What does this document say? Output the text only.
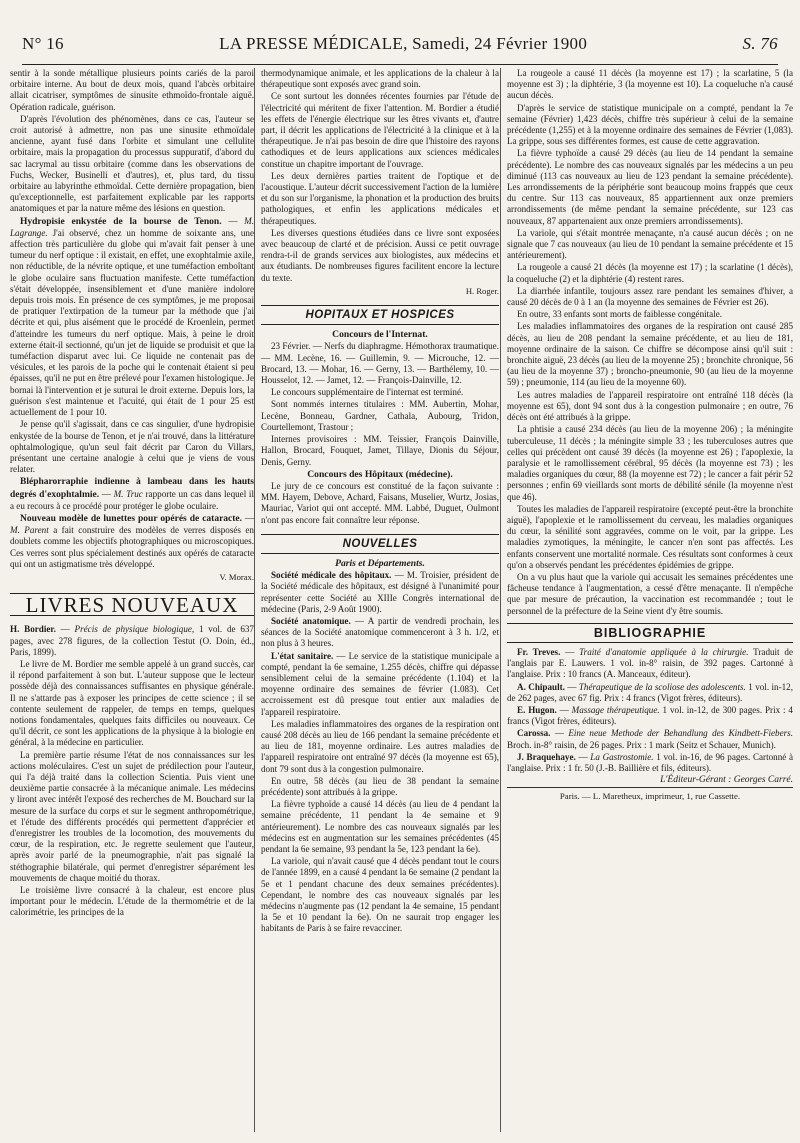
N° 16	LA PRESSE MÉDICALE, Samedi, 24 Février 1900	S. 76

sentir à la sonde métallique plusieurs points cariés de la paroi orbitaire interne. Au bout de deux mois, quand l'abcès orbitaire allait cicatriser, symptômes de sinusite ethmoïdo-frontale aiguë. Opération radicale, guérison.

D'après l'évolution des phénomènes, dans ce cas, l'auteur se croit autorisé à admettre, non pas une sinusite ethmoïdale ancienne, ayant fusé dans l'orbite et simulant une cellulite orbitaire, mais la propagation du processus suppuratif, d'abord du sac lacrymal au tissu orbitaire (comme dans les observations de Fuchs, Wecker, Businelli et d'autres), et, plus tard, du tissu orbitaire au labyrinthe ethmoïdal. Cette dernière propagation, bien qu'exceptionnelle, est parfaitement explicable par les rapports anatomiques et par la nature même des lésions en question.

Hydropisie enkystée de la bourse de Tenon. — M. Lagrange. J'ai observé, chez un homme de soixante ans, une affection très particulière du globe qui m'avait fait penser à une tumeur du nerf optique : il existait, en effet, une exophtalmie axile, non réductible, de la névrite optique, et une tuméfaction emboîtant le globe oculaire sans fluctuation manifeste. Cette tuméfaction s'était développée, insensiblement et d'une manière indolore depuis trois mois. En présence de ces symptômes, je me proposai de pratiquer l'extirpation de la tumeur par la méthode que j'ai décrite et qui, plus aisément que le procédé de Kroenlein, permet d'atteindre les tumeurs du nerf optique. Mais, à peine le droit externe était-il sectionné, qu'un jet de liquide se produisit et que la tuméfaction disparut avec lui. Ce liquide ne contenait pas de vésicules, et les parois de la poche qui le contenait étaient si peu épaisses, qu'il ne put en être prélevé pour l'examen histologique. Je bornai là l'intervention et je suturai le droit externe. Depuis lors, la guérison s'est maintenue et l'acuité, qui était de 1 pour 25 est actuellement de 1 pour 10.

Je pense qu'il s'agissait, dans ce cas singulier, d'une hydropisie enkystée de la bourse de Tenon, et je n'ai trouvé, dans la littérature ophtalmologique, qu'un seul fait décrit par Caron du Villars, présentant une certaine analogie à celui que je viens de vous relater.

Blépharorraphie indienne à lambeau dans les hauts degrés d'exophtalmie. — M. Truc rapporte un cas dans lequel il a eu recours à ce procédé pour protéger le globe oculaire.

Nouveau modèle de lunettes pour opérés de cataracte. — M. Parent a fait construire des modèles de verres disposés en doublets comme les objectifs photographiques ou microscopiques. Ces verres sont plus spécialement destinés aux opérés de cataracte qui ont un astigmatisme très développé.

V. Morax.

LIVRES NOUVEAUX

H. Bordier. — Précis de physique biologique, 1 vol. de 637 pages, avec 278 figures, de la collection Testut (O. Doin, éd., Paris, 1899).

Le livre de M. Bordier me semble appelé à un grand succès, car il répond parfaitement à son but. L'auteur suppose que le lecteur possède déjà des connaissances suffisantes en physique générale. Il ne s'attarde pas à exposer les principes de cette science ; il se contente seulement de rappeler, de temps en temps, quelques notions fondamentales, quelques faits difficiles ou nouveaux. Ce qu'il décrit, ce sont les applications de la physique à la biologie en général, à la médecine en particulier.

La première partie résume l'état de nos connaissances sur les actions moléculaires. C'est un sujet de prédilection pour l'auteur, qui l'a déjà traité dans la collection Scientia. Puis vient une deuxième partie consacrée à la mécanique animale. Les médecins y liront avec intérêt l'exposé des recherches de M. Bouchard sur la mesure de la surface du corps et sur le segment anthropométrique, et l'étude des différents procédés qui permettent d'apprécier et d'enregistrer les troubles de la locomotion, des mouvements du cœur, de la respiration, etc. Je regrette seulement que l'auteur, après avoir parlé de la pneumographie, n'ait pas signalé la stéthographie bilatérale, qui permet d'enregistrer séparément les mouvements de chaque moitié du thorax.

Le troisième livre consacré à la chaleur, est encore plus important pour le médecin. L'étude de la thermométrie et de la calorimétrie, les principes de la

thermodynamique animale, et les applications de la chaleur à la thérapeutique sont exposés avec grand soin.

Ce sont surtout les données récentes fournies par l'étude de l'électricité qui méritent de fixer l'attention. M. Bordier a étudié les effets de l'énergie électrique sur les êtres vivants et, d'autre part, il décrit les applications de l'électricité à la clinique et à la thérapeutique. Je n'ai pas besoin de dire que l'histoire des rayons cathodiques et de leurs applications aux sciences médicales constitue un chapitre important de l'ouvrage.

Les deux dernières parties traitent de l'optique et de l'acoustique. L'auteur décrit successivement l'action de la lumière et du son sur l'organisme, la phonation et la production des bruits pathologiques, et enfin les applications médicales et thérapeutiques.

Les diverses questions étudiées dans ce livre sont exposées avec beaucoup de clarté et de précision. Aussi ce petit ouvrage rendra-t-il de grands services aux biologistes, aux médecins et aux étudiants. De nombreuses figures facilitent encore la lecture du texte.

H. Roger.

HOPITAUX ET HOSPICES

Concours de l'Internat.

23 Février. — Nerfs du diaphragme. Hémothorax traumatique. — MM. Lecène, 16. — Guillemin, 9. — Microuche, 12. — Brocard, 13. — Mohar, 16. — Gerny, 13. — Barthélemy, 10. — Housselot, 12. — Jamet, 12. — François-Dainville, 12.

Le concours supplémentaire de l'internat est terminé.

Sont nommés internes titulaires : MM. Aubertin, Mohar, Lecène, Bonneau, Gardner, Cathala, Aubourg, Tridon, Courtellemont, Trastour ;

Internes provisoires : MM. Teissier, François Dainville, Hallon, Brocard, Fouquet, Jamet, Tillaye, Dionis du Séjour, Denis, Gerny.

Concours des Hôpitaux (médecine).

Le jury de ce concours est constitué de la façon suivante : MM. Hayem, Debove, Achard, Faisans, Muselier, Wurtz, Josias, Mauriac, Variot qui ont accepté. MM. Labbé, Duguet, Oulmont n'ont pas encore fait connaître leur réponse.

NOUVELLES

Paris et Départements.

Société médicale des hôpitaux. — M. Troisier, président de la Société médicale des hôpitaux, est désigné à l'unanimité pour représenter cette Société au XIIIe Congrès international de médecine (Paris, 2-9 Août 1900).

Société anatomique. — A partir de vendredi prochain, les séances de la Société anatomique commenceront à 3 h. 1/2, et non plus à 3 heures.

L'état sanitaire. — Le service de la statistique municipale a compté, pendant la 6e semaine, 1.255 décès, chiffre qui dépasse sensiblement celui de la semaine précédente (1.104) et la moyenne ordinaire des semaines de février (1.083). Cet accroissement est dû presque tout entier aux maladies de l'appareil respiratoire.

Les maladies inflammatoires des organes de la respiration ont causé 208 décès au lieu de 166 pendant la semaine précédente et au lieu de 181, moyenne ordinaire. Les autres maladies de l'appareil respiratoire ont entraîné 97 décès (la moyenne est 65), dont 79 sont dus à la congestion pulmonaire.

En outre, 58 décès (au lieu de 38 pendant la semaine précédente) sont attribués à la grippe.

La fièvre typhoïde a causé 14 décès (au lieu de 4 pendant la semaine précédente, 11 pendant la 4e semaine et 9 antérieurement). Le nombre des cas nouveaux signalés par les médecins est en augmentation sur les semaines précédentes (45 pendant la 6e semaine, 93 pendant la 5e, 123 pendant la 6e).

La variole, qui n'avait causé que 4 décès pendant tout le cours de l'année 1899, en a causé 4 pendant la 6e semaine (2 pendant la 5e et 1 pendant chacune des deux semaines précédentes). Cependant, le nombre des cas nouveaux signalés par les médecins n'augmente pas (12 pendant la 4e semaine, 15 pendant la 5e et 10 pendant la 6e). On ne saurait trop engager les habitants de Paris à se faire revacciner.

La rougeole a causé 11 décès (la moyenne est 17) ; la scarlatine, 5 (la moyenne est 3) ; la diphtérie, 3 (la moyenne est 10). La coqueluche n'a causé aucun décès.

D'après le service de statistique municipale on a compté, pendant la 7e semaine (Février) 1,423 décès, chiffre très supérieur à celui de la semaine précédente (1,255) et à la moyenne ordinaire des semaines de Février (1,083). La grippe, sous ses différentes formes, est cause de cette aggravation.

La fièvre typhoïde a causé 29 décès (au lieu de 14 pendant la semaine précédente). Le nombre des cas nouveaux signalés par les médecins a un peu diminué (113 cas nouveaux au lieu de 123 pendant la semaine précédente). Les arrondissements de la périphérie sont beaucoup moins frappés que ceux du centre. Sur 113 cas nouveaux, 85 appartiennent aux onze premiers arrondissements (de même pendant la semaine précédente, sur 123 cas nouveaux, 87 appartenaient aux onze premiers arrondissements).

La variole, qui s'était montrée menaçante, n'a causé aucun décès ; on ne signale que 7 cas nouveaux (au lieu de 10 pendant la semaine précédente et 15 antérieurement).

La rougeole a causé 21 décès (la moyenne est 17) ; la scarlatine (1 décès), la coqueluche (2) et la diphtérie (4) restent rares.

La diarrhée infantile, toujours assez rare pendant les semaines d'hiver, a causé 20 décès de 0 à 1 an (la moyenne des semaines de Février est 26).

En outre, 33 enfants sont morts de faiblesse congénitale.

Les maladies inflammatoires des organes de la respiration ont causé 285 décès, au lieu de 208 pendant la semaine précédente, et au lieu de 181, moyenne ordinaire de la saison. Ce chiffre se décompose ainsi qu'il suit : bronchite aiguë, 23 décès (au lieu de la moyenne 25) ; bronchite chronique, 56 (au lieu de la moyenne 37) ; broncho-pneumonie, 90 (au lieu de la moyenne 59) ; pneumonie, 114 (au lieu de la moyenne 60).

Les autres maladies de l'appareil respiratoire ont entraîné 118 décès (la moyenne est 65), dont 94 sont dus à la congestion pulmonaire ; en outre, 76 décès ont été attribués à la grippe.

La phtisie a causé 234 décès (au lieu de la moyenne 206) ; la méningite tuberculeuse, 11 décès ; la méningite simple 33 ; les tuberculoses autres que celles qui précèdent ont causé 39 décès (la moyenne est 26) ; l'apoplexie, la paralysie et le ramollissement cérébral, 95 décès (la moyenne est 73) ; les maladies organiques du cœur, 88 (la moyenne est 72) ; le cancer a fait périr 52 personnes ; enfin 69 vieillards sont morts de débilité sénile (la moyenne n'est que 46).

Toutes les maladies de l'appareil respiratoire (excepté peut-être la bronchite aiguë), l'apoplexie et le ramollissement du cerveau, les maladies organiques du cœur, la sénilité sont aggravées, comme on le voit, par la grippe. Les maladies zymotiques, la méningite, le cancer n'en sont pas affectés. Les enfants conservent une mortalité normale. Ces résultats sont conformes à ceux qu'on a observés pendant les précédentes épidémies de grippe.

On a vu plus haut que la variole qui accusait les semaines précédentes une fâcheuse tendance à l'augmentation, a cessé d'être menaçante. Il n'empêche que par mesure de précaution, la vaccination est recommandée ; tout le personnel de la préfecture de la Seine vient d'y être soumis.

BIBLIOGRAPHIE

Fr. Treves. — Traité d'anatomie appliquée à la chirurgie. Traduit de l'anglais par E. Lauwers. 1 vol. in-8° raisin, de 392 pages. Cartonné à l'anglaise. Prix : 10 francs (A. Manceaux, éditeur).

A. Chipault. — Thérapeutique de la scoliose des adolescents. 1 vol. in-12, de 262 pages, avec 67 fig. Prix : 4 francs (Vigot frères, éditeurs).

E. Hugon. — Massage thérapeutique. 1 vol. in-12, de 300 pages. Prix : 4 francs (Vigot frères, éditeurs).

Carossa. — Eine neue Methode der Behandlung des Kindbett-Fiebers. Broch. in-8° raisin, de 26 pages. Prix : 1 mark (Seitz et Schauer, Munich).

J. Braquehaye. — La Gastrostomie. 1 vol. in-16, de 96 pages. Cartonné à l'anglaise. Prix : 1 fr. 50 (J.-B. Baillière et fils, éditeurs).

L'Éditeur-Gérant : Georges Carré.

Paris. — L. Maretheux, imprimeur, 1, rue Cassette.
